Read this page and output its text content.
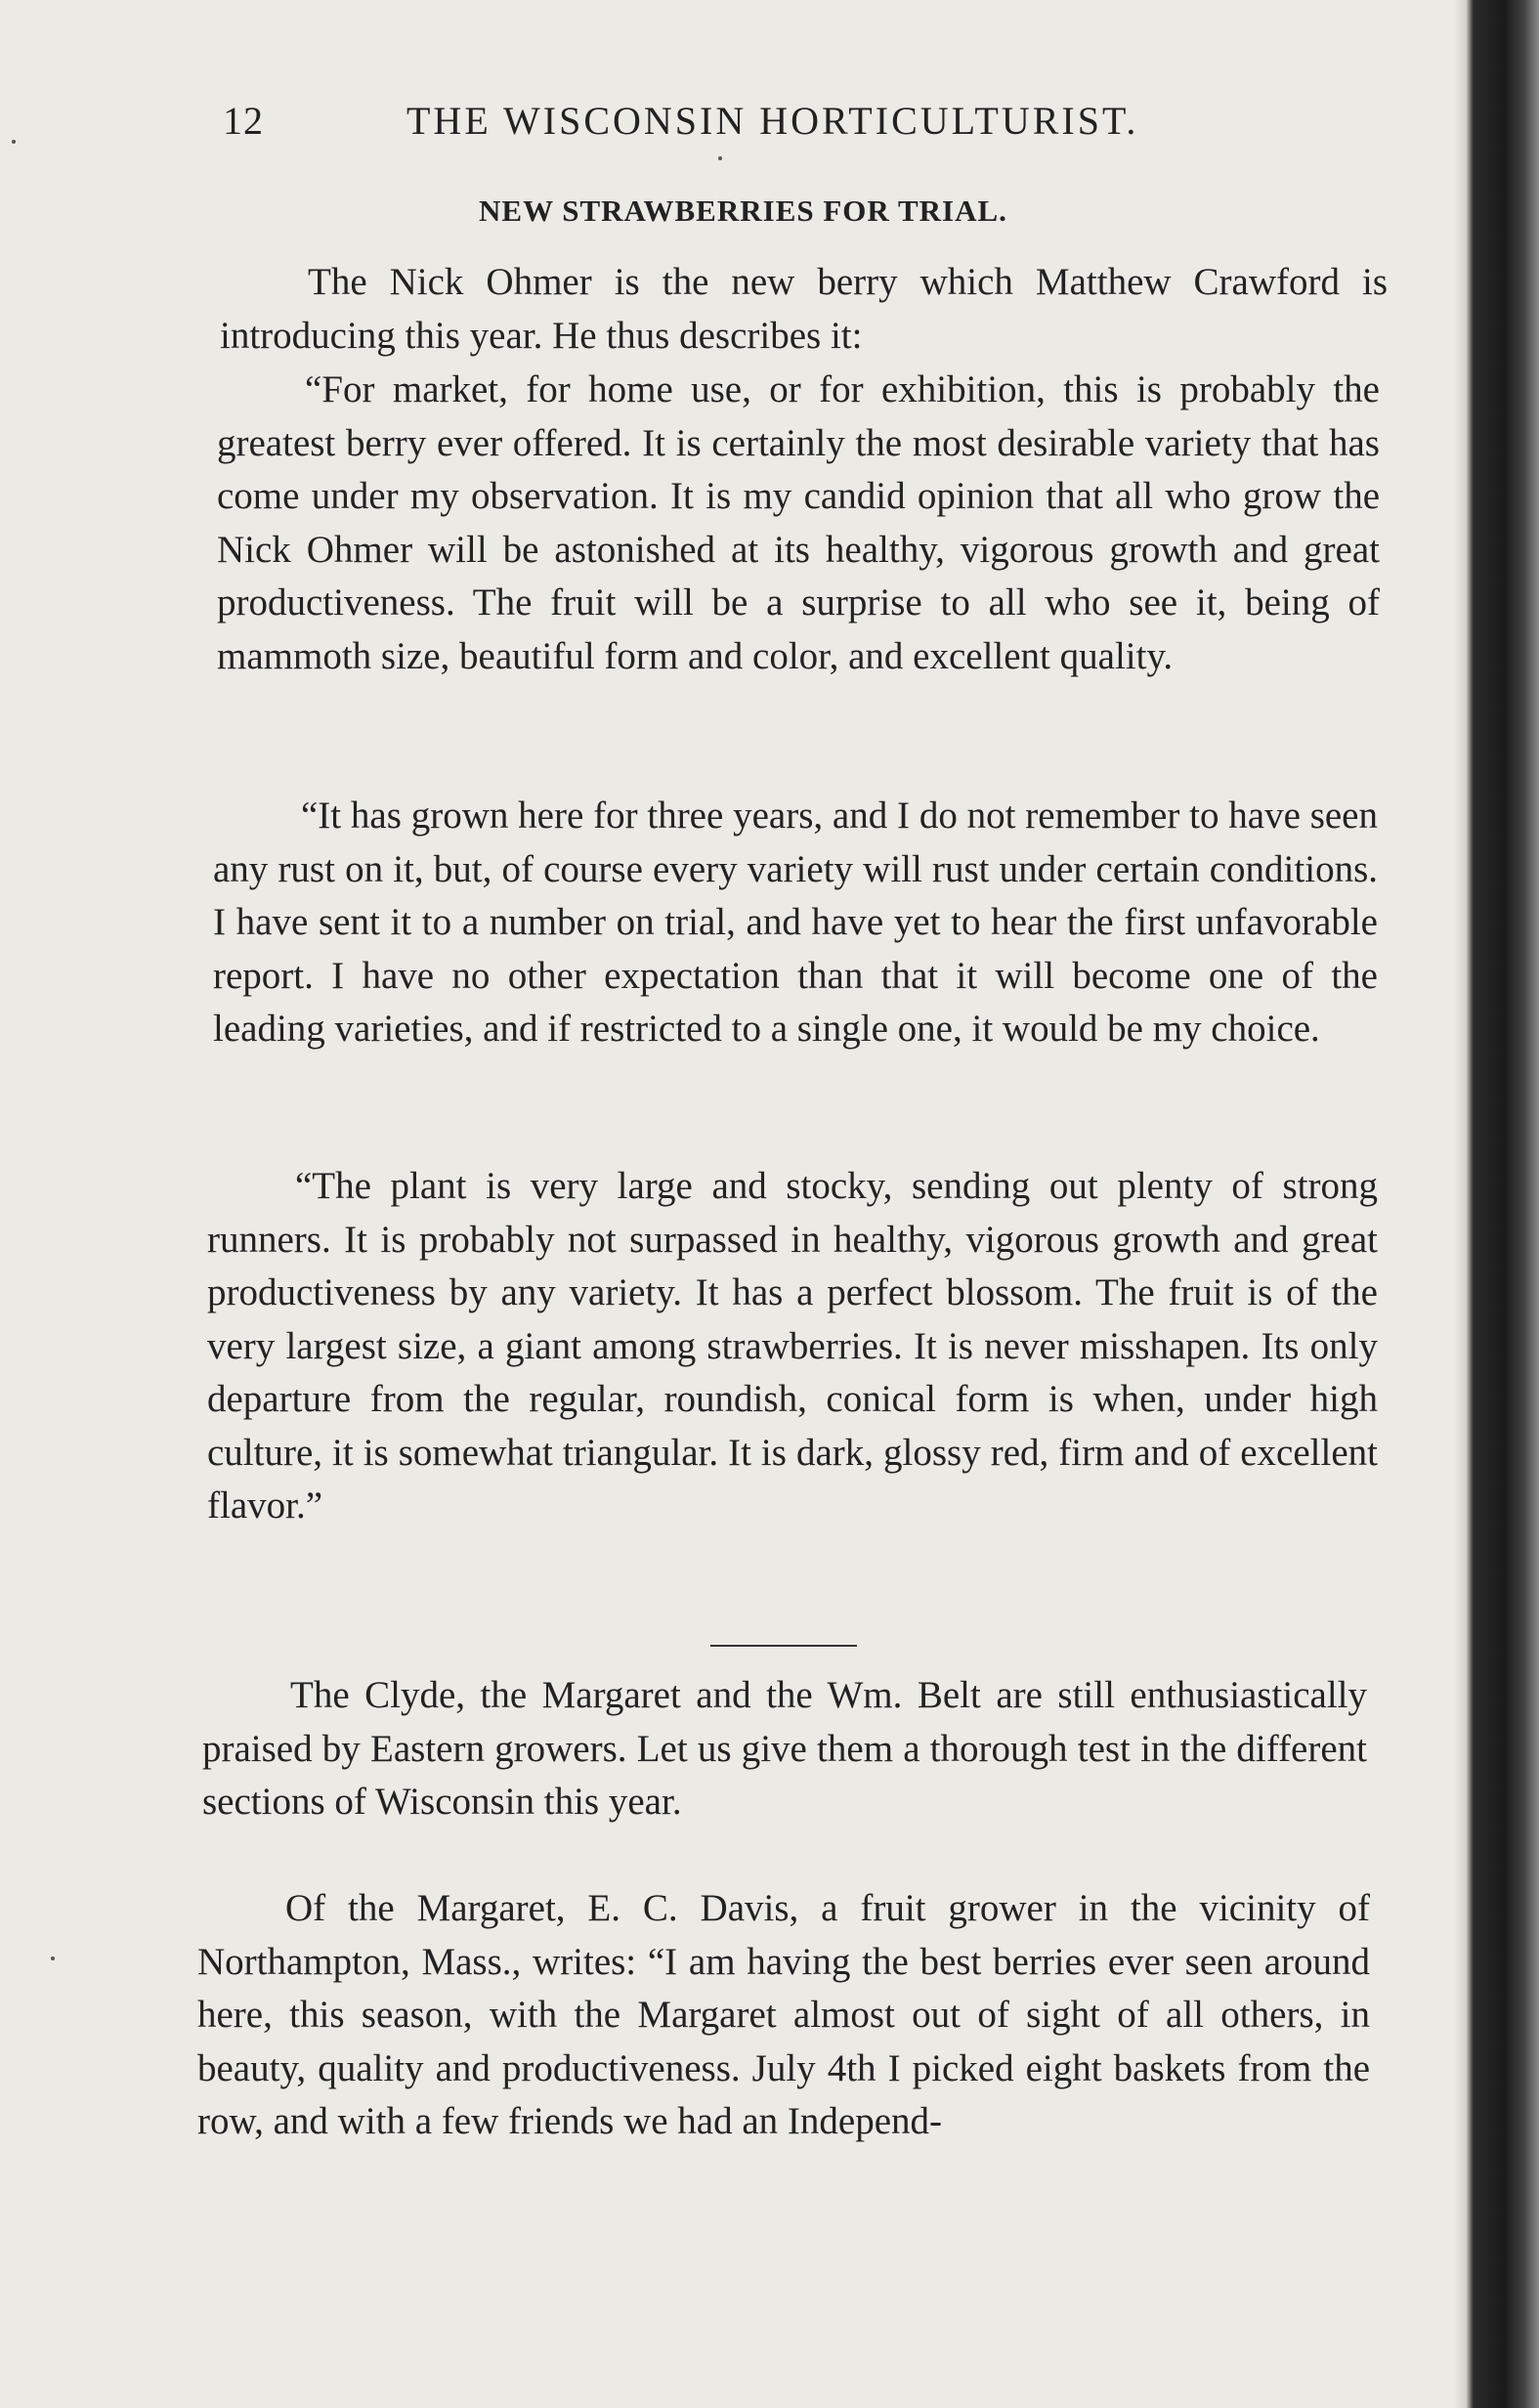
12	THE WISCONSIN HORTICULTURIST.
NEW STRAWBERRIES FOR TRIAL.

The Nick Ohmer is the new berry which Matthew Crawford is introducing this year. He thus describes it:

“For market, for home use, or for exhibition, this is probably the greatest berry ever offered. It is certainly the most desirable variety that has come under my observation. It is my candid opinion that all who grow the Nick Ohmer will be astonished at its healthy, vigorous growth and great productiveness. The fruit will be a surprise to all who see it, being of mammoth size, beautiful form and color, and excellent quality.

“It has grown here for three years, and I do not remember to have seen any rust on it, but, of course every variety will rust under certain conditions. I have sent it to a number on trial, and have yet to hear the first unfavorable report. I have no other expectation than that it will become one of the leading varieties, and if restricted to a single one, it would be my choice.

“The plant is very large and stocky, sending out plenty of strong runners. It is probably not surpassed in healthy, vigorous growth and great productiveness by any variety. It has a perfect blossom. The fruit is of the very largest size, a giant among strawberries. It is never misshapen. Its only departure from the regular, roundish, conical form is when, under high culture, it is somewhat triangular. It is dark, glossy red, firm and of excellent flavor.”

The Clyde, the Margaret and the Wm. Belt are still enthusiastically praised by Eastern growers. Let us give them a thorough test in the different sections of Wisconsin this year.

Of the Margaret, E. C. Davis, a fruit grower in the vicinity of Northampton, Mass., writes: “I am having the best berries ever seen around here, this season, with the Margaret almost out of sight of all others, in beauty, quality and productiveness. July 4th I picked eight baskets from the row, and with a few friends we had an Independ-
